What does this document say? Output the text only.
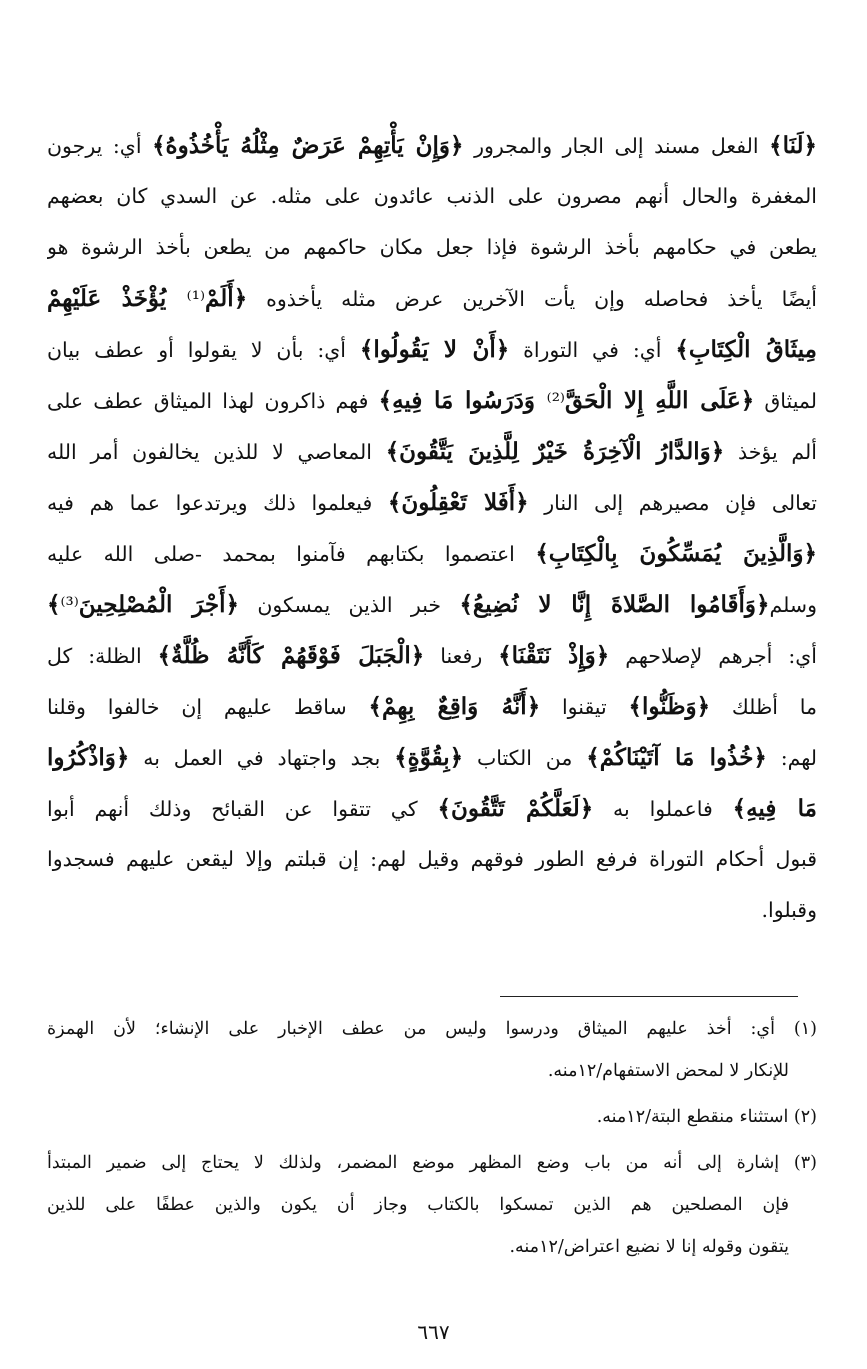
﴿لَنَا﴾ الفعل مسند إلى الجار والمجرور ﴿وَإِنْ يَأْتِهِمْ عَرَضٌ مِثْلُهُ يَأْخُذُوهُ﴾ أي: يرجون
المغفرة والحال أنهم مصرون على الذنب عائدون على مثله. عن السدي كان بعضهم
يطعن في حكامهم بأخذ الرشوة فإذا جعل مكان حاكمهم من يطعن بأخذ الرشوة هو
أيضًا يأخذ فحاصله وإن يأت الآخرين عرض مثله يأخذوه ﴿أَلَمْ⁽¹⁾ يُؤْخَذْ عَلَيْهِمْ
مِيثَاقُ الْكِتَابِ﴾ أي: في التوراة ﴿أَنْ لا يَقُولُوا﴾ أي: بأن لا يقولوا أو عطف بيان
لميثاق ﴿عَلَى اللَّهِ إِلا الْحَقَّ⁽²⁾ وَدَرَسُوا مَا فِيهِ﴾ فهم ذاكرون لهذا الميثاق عطف على
ألم يؤخذ ﴿وَالدَّارُ الْآخِرَةُ خَيْرٌ لِلَّذِينَ يَتَّقُونَ﴾ المعاصي لا للذين يخالفون أمر الله
تعالى فإن مصيرهم إلى النار ﴿أَفَلا تَعْقِلُونَ﴾ فيعلموا ذلك ويرتدعوا عما هم فيه
﴿وَالَّذِينَ يُمَسِّكُونَ بِالْكِتَابِ﴾ اعتصموا بكتابهم فآمنوا بمحمد -صلى الله عليه
وسلم﴿وَأَقَامُوا الصَّلاةَ إِنَّا لا نُضِيعُ﴾ خبر الذين يمسكون ﴿أَجْرَ الْمُصْلِحِينَ⁽³⁾﴾
أي: أجرهم لإصلاحهم ﴿وَإِذْ نَتَقْنَا﴾ رفعنا ﴿الْجَبَلَ فَوْقَهُمْ كَأَنَّهُ ظُلَّةٌ﴾ الظلة: كل
ما أظلك ﴿وَظَنُّوا﴾ تيقنوا ﴿أَنَّهُ وَاقِعٌ بِهِمْ﴾ ساقط عليهم إن خالفوا وقلنا
لهم: ﴿خُذُوا مَا آتَيْنَاكُمْ﴾ من الكتاب ﴿بِقُوَّةٍ﴾ بجد واجتهاد في العمل به ﴿وَاذْكُرُوا
مَا فِيهِ﴾ فاعملوا به ﴿لَعَلَّكُمْ تَتَّقُونَ﴾ كي تتقوا عن القبائح وذلك أنهم أبوا
قبول أحكام التوراة فرفع الطور فوقهم وقيل لهم: إن قبلتم وإلا ليقعن عليهم فسجدوا
وقبلوا.
(١) أي: أخذ عليهم الميثاق ودرسوا وليس من عطف الإخبار على الإنشاء؛ لأن الهمزة
للإنكار لا لمحض الاستفهام/١٢منه.
(٢) استثناء منقطع البتة/١٢منه.
(٣) إشارة إلى أنه من باب وضع المظهر موضع المضمر، ولذلك لا يحتاج إلى ضمير المبتدأ
فإن المصلحين هم الذين تمسكوا بالكتاب وجاز أن يكون والذين عطفًا على للذين
يتقون وقوله إنا لا نضيع اعتراض/١٢منه.
٦٦٧
